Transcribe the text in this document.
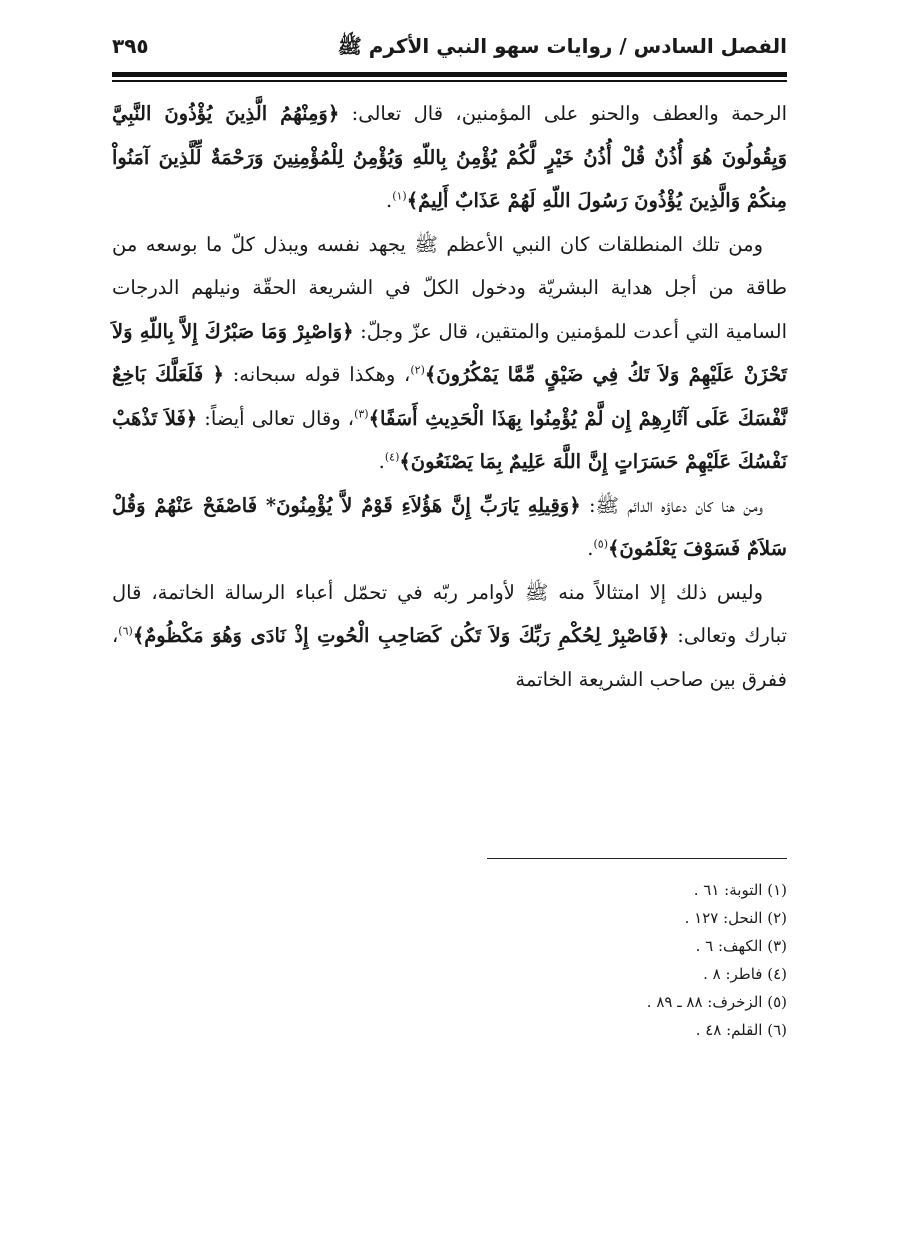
الفصل السادس / روايات سهو النبي الأكرم ﷺ
٣٩٥

الرحمة والعطف والحنو على المؤمنين، قال تعالى: ﴿وَمِنْهُمُ الَّذِينَ يُؤْذُونَ النَّبِيَّ وَيِقُولُونَ هُوَ أُذُنٌ قُلْ أُذُنُ خَيْرٍ لَّكُمْ يُؤْمِنُ بِاللّهِ وَيُؤْمِنُ لِلْمُؤْمِنِينَ وَرَحْمَةٌ لِّلَّذِينَ آمَنُواْ مِنكُمْ وَالَّذِينَ يُؤْذُونَ رَسُولَ اللّهِ لَهُمْ عَذَابٌ أَلِيمٌ﴾$^{(١)}$.

ومن تلك المنطلقات كان النبي الأعظم ﷺ يجهد نفسه ويبذل كلّ ما بوسعه من طاقة من أجل هداية البشريّة ودخول الكلّ في الشريعة الحقّة ونيلهم الدرجات السامية التي أعدت للمؤمنين والمتقين، قال عزّ وجلّ: ﴿وَاصْبِرْ وَمَا صَبْرُكَ إِلاَّ بِاللّهِ وَلاَ تَحْزَنْ عَلَيْهِمْ وَلاَ تَكُ فِي ضَيْقٍ مِّمَّا يَمْكُرُونَ﴾$^{(٢)}$، وهكذا قوله سبحانه: ﴿ فَلَعَلَّكَ بَاخِعٌ نَّفْسَكَ عَلَى آثَارِهِمْ إِن لَّمْ يُؤْمِنُوا بِهَذَا الْحَدِيثِ أَسَفًا﴾$^{(٣)}$، وقال تعالى أيضاً: ﴿فَلاَ تَذْهَبْ نَفْسُكَ عَلَيْهِمْ حَسَرَاتٍ إِنَّ اللَّهَ عَلِيمٌ بِمَا يَصْنَعُونَ﴾$^{(٤)}$.

ومن هنا كان دعاؤه الدائم ﷺ: ﴿وَقِيلِهِ يَارَبِّ إِنَّ هَؤُلاَءِ قَوْمٌ لاَّ يُؤْمِنُونَ* فَاصْفَحْ عَنْهُمْ وَقُلْ سَلاَمٌ فَسَوْفَ يَعْلَمُونَ﴾$^{(٥)}$.

وليس ذلك إلا امتثالاً منه ﷺ لأوامر ربّه في تحمّل أعباء الرسالة الخاتمة، قال تبارك وتعالى: ﴿فَاصْبِرْ لِحُكْمِ رَبِّكَ وَلاَ تَكُن كَصَاحِبِ الْحُوتِ إِذْ نَادَى وَهُوَ مَكْظُومٌ﴾$^{(٦)}$، ففرق بين صاحب الشريعة الخاتمة

(١) التوبة: ٦١ .
(٢) النحل: ١٢٧ .
(٣) الكهف: ٦ .
(٤) فاطر: ٨ .
(٥) الزخرف: ٨٨ ـ ٨٩ .
(٦) القلم: ٤٨ .
